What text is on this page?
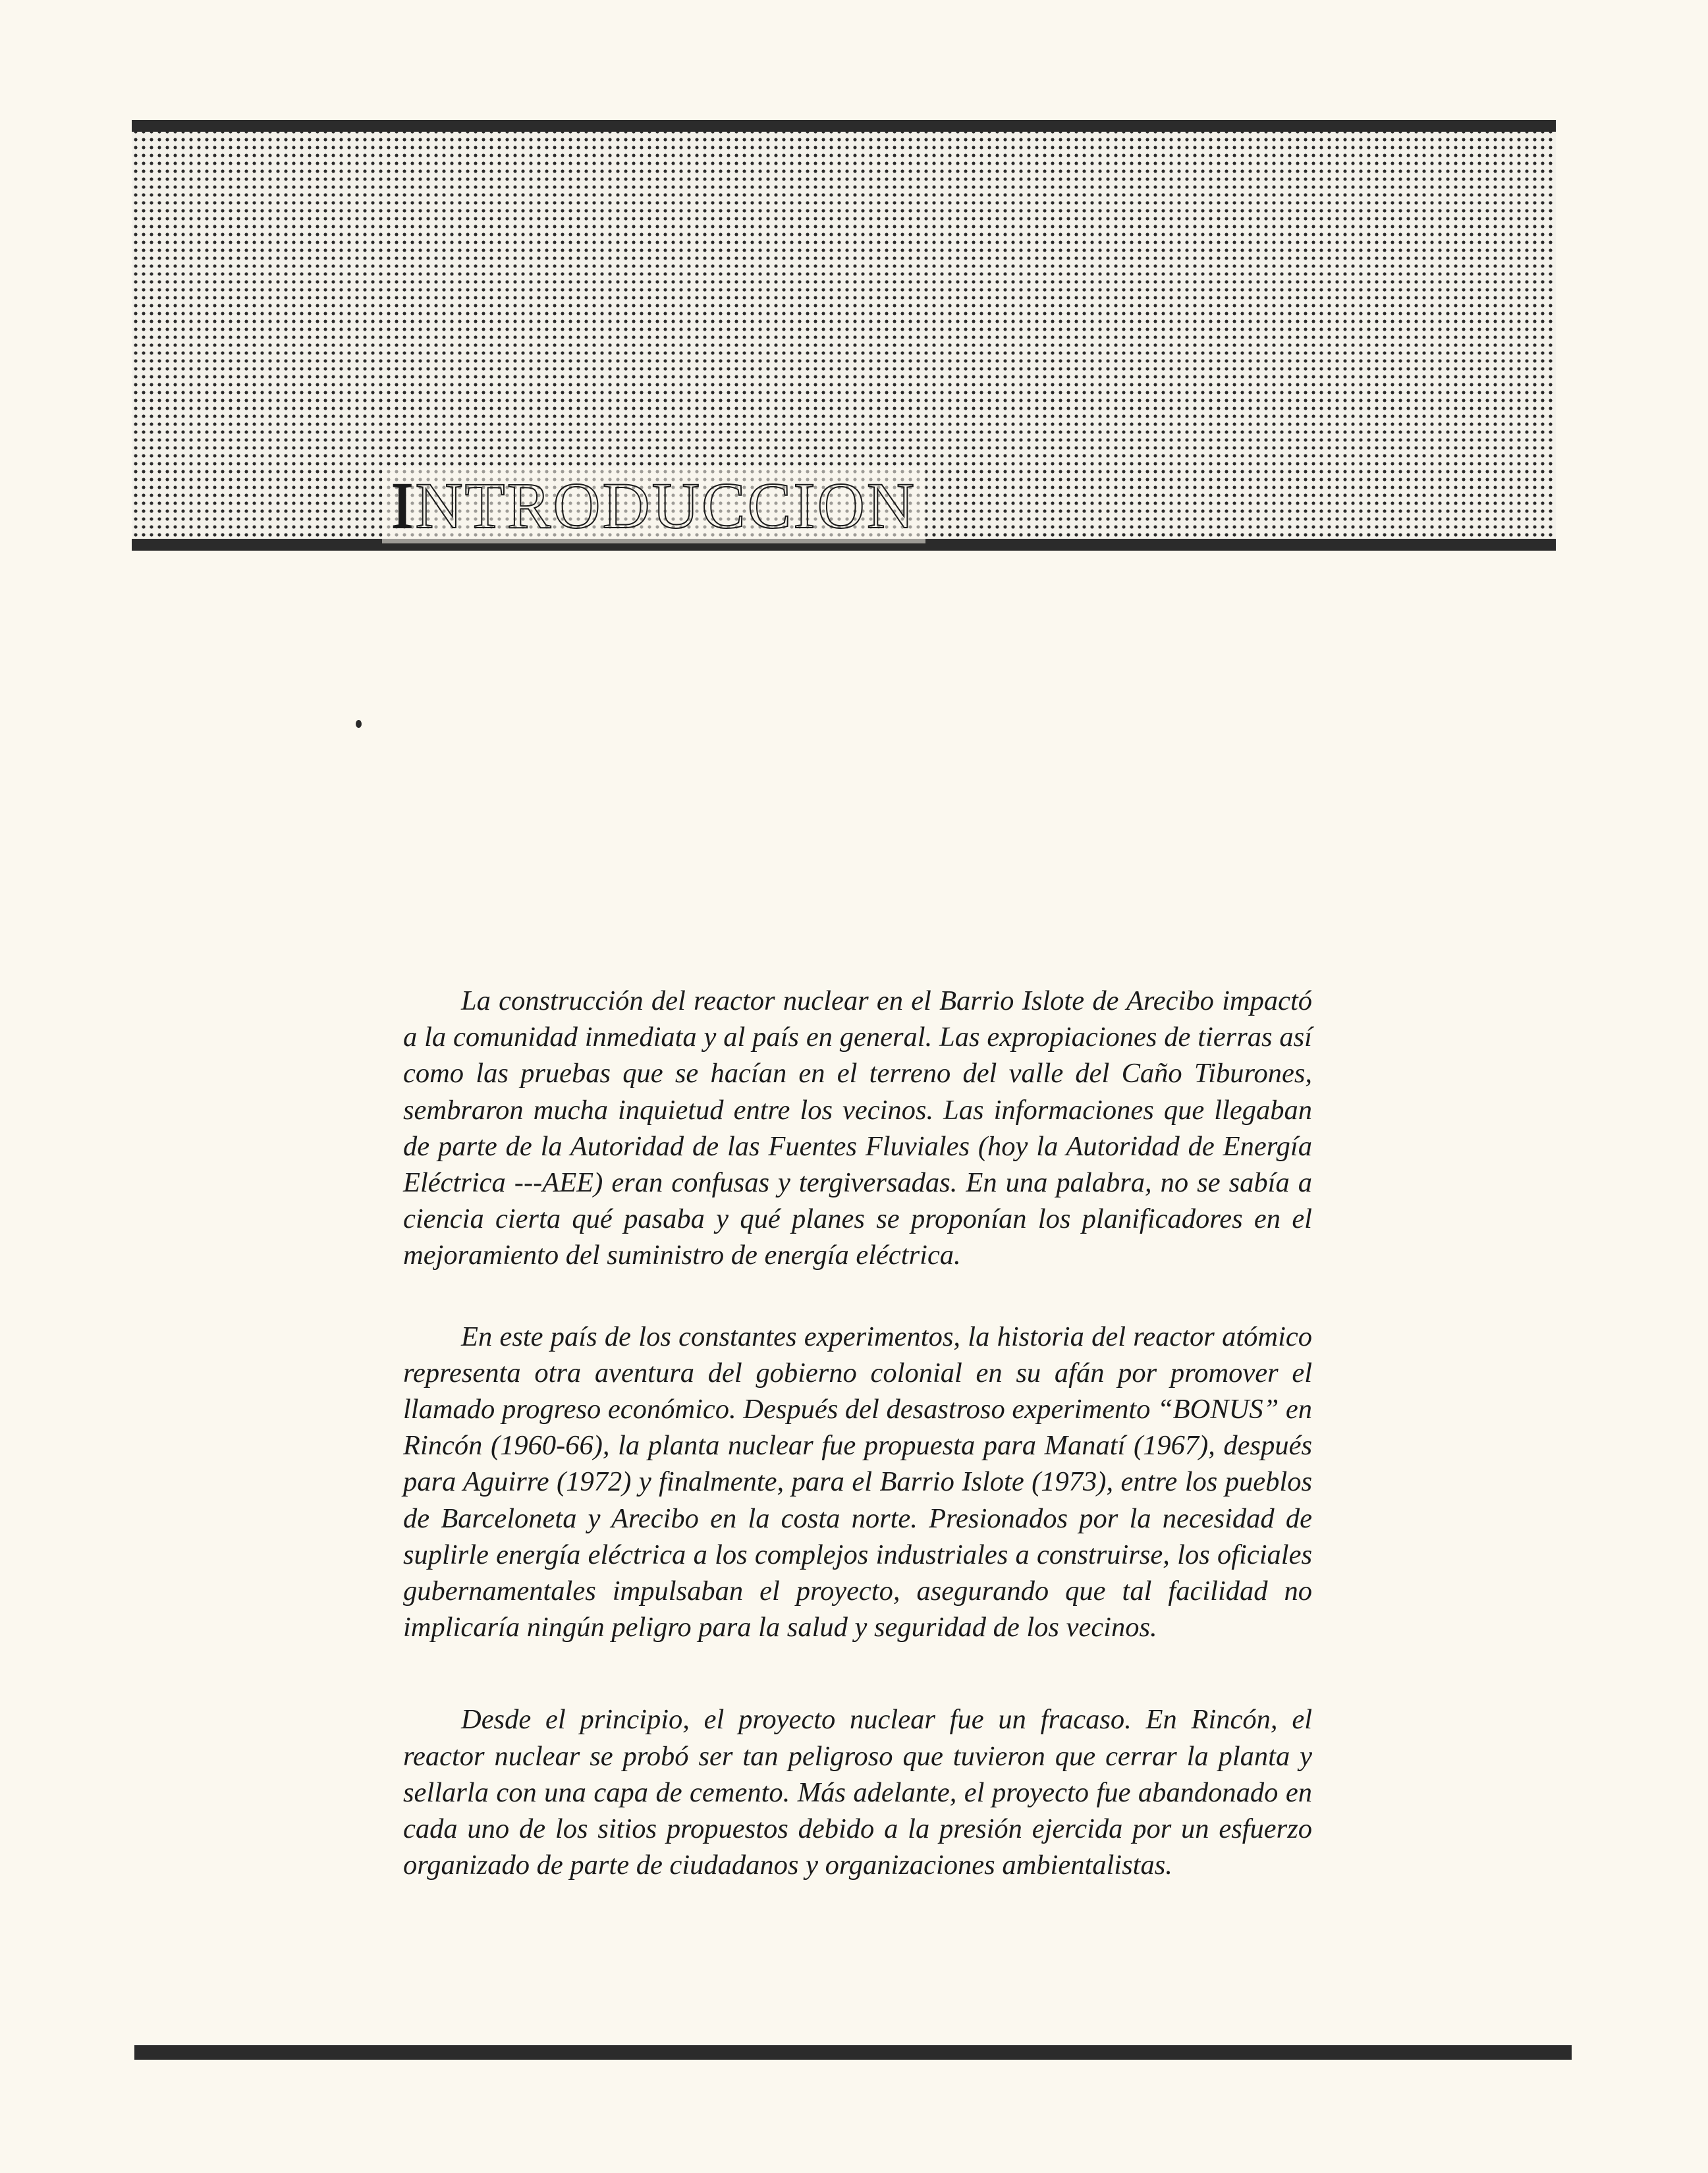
INTRODUCCION

La construcción del reactor nuclear en el Barrio Islote de Arecibo impactó a la comunidad inmediata y al país en general. Las expropiaciones de tierras así como las pruebas que se hacían en el terreno del valle del Caño Tiburones, sembraron mucha inquietud entre los vecinos. Las informaciones que llegaban de parte de la Autoridad de las Fuentes Fluviales (hoy la Autoridad de Energía Eléctrica ---AEE) eran confusas y tergiversadas. En una palabra, no se sabía a ciencia cierta qué pasaba y qué planes se proponían los planificadores en el mejoramiento del suministro de energía eléctrica.

En este país de los constantes experimentos, la historia del reactor atómico representa otra aventura del gobierno colonial en su afán por promover el llamado progreso económico. Después del desastroso experimento “BONUS” en Rincón (1960-66), la planta nuclear fue propuesta para Manatí (1967), después para Aguirre (1972) y finalmente, para el Barrio Islote (1973), entre los pueblos de Barceloneta y Arecibo en la costa norte. Presionados por la necesidad de suplirle energía eléctrica a los complejos industriales a construirse, los oficiales gubernamentales impulsaban el proyecto, asegurando que tal facilidad no implicaría ningún peligro para la salud y seguridad de los vecinos.

Desde el principio, el proyecto nuclear fue un fracaso. En Rincón, el reactor nuclear se probó ser tan peligroso que tuvieron que cerrar la planta y sellarla con una capa de cemento. Más adelante, el proyecto fue abandonado en cada uno de los sitios propuestos debido a la presión ejercida por un esfuerzo organizado de parte de ciudadanos y organizaciones ambientalistas.
